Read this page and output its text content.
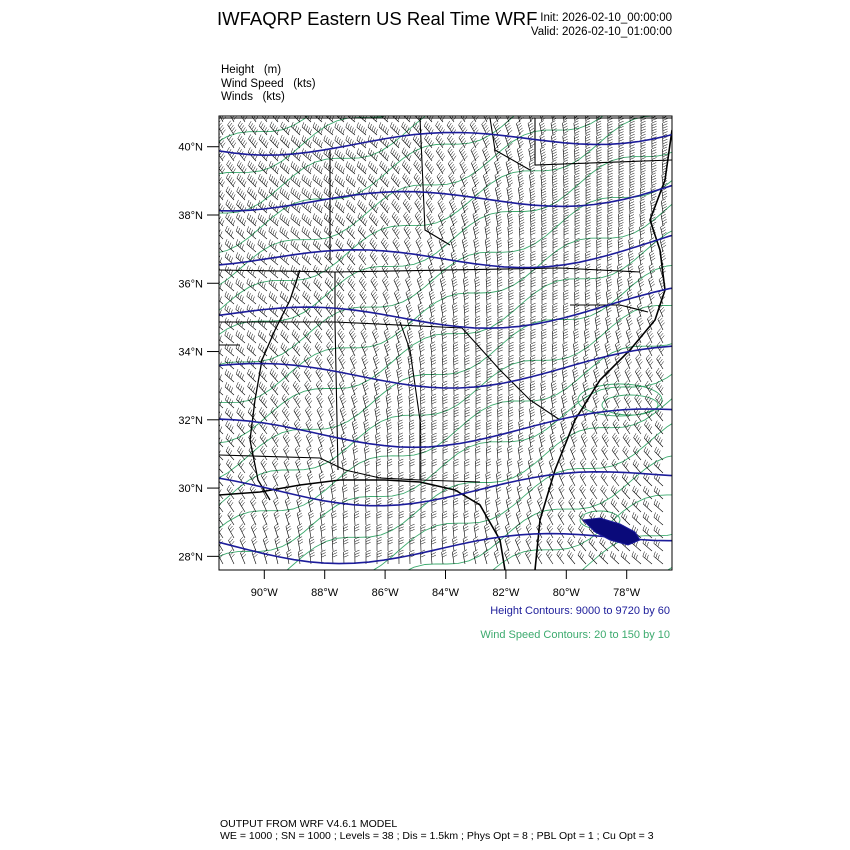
IWFAQRP Eastern US Real Time WRF Init: 2026-02-10_00:00:00
Valid: 2026-02-10_01:00:00
Height   (m)
Wind Speed   (kts)
Winds   (kts)
40°N
38°N
36°N
34°N
32°N
30°N
28°N
90°W	88°W	86°W	84°W	82°W	80°W	78°W
Height Contours: 9000 to 9720 by 60
Wind Speed Contours: 20 to 150 by 10
OUTPUT FROM WRF V4.6.1 MODEL
WE = 1000 ; SN = 1000 ; Levels = 38 ; Dis = 1.5km ; Phys Opt = 8 ; PBL Opt = 1 ; Cu Opt = 3
